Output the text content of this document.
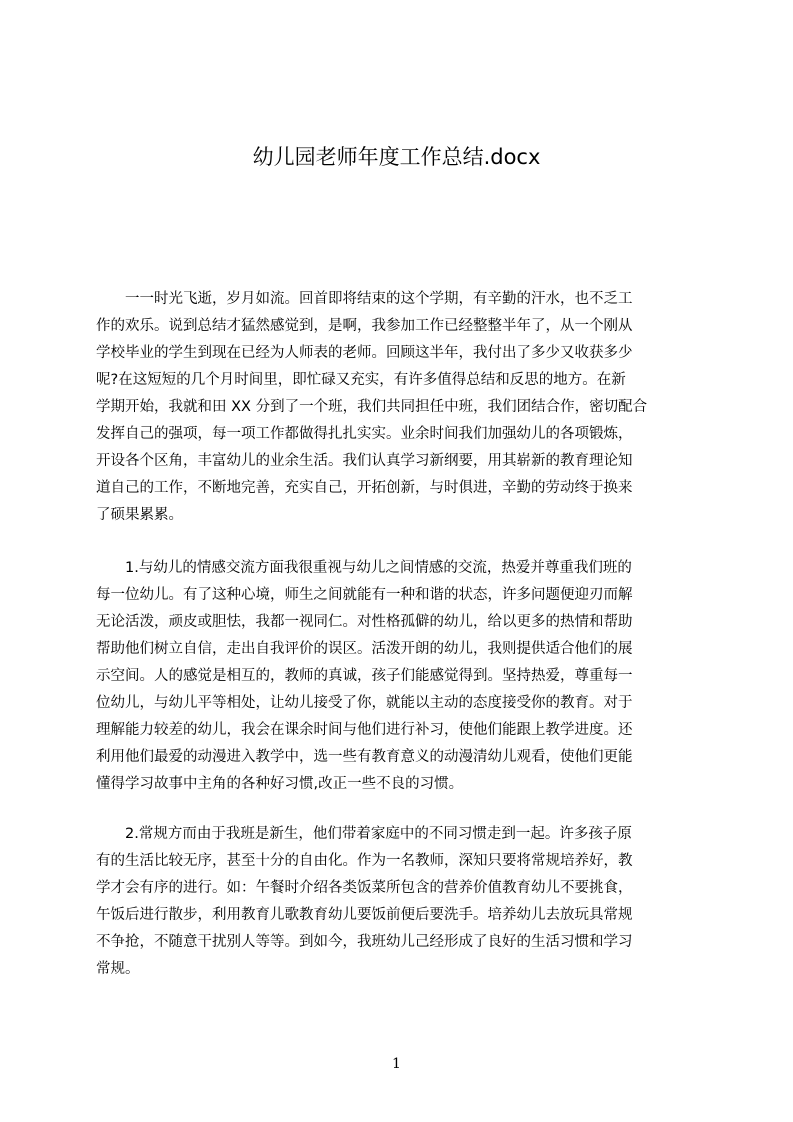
幼儿园老师年度工作总结.docx
　　一一时光飞逝，岁月如流。回首即将结束的这个学期，有辛勤的汗水，也不乏工
作的欢乐。说到总结才猛然感觉到，是啊，我参加工作已经整整半年了，从一个刚从
学校毕业的学生到现在已经为人师表的老师。回顾这半年，我付出了多少又收获多少
呢?在这短短的几个月时间里，即忙碌又充实，有许多值得总结和反思的地方。在新
学期开始，我就和田 XX 分到了一个班，我们共同担任中班，我们团结合作，密切配合
发挥自己的强项，每一项工作都做得扎扎实实。业余时间我们加强幼儿的各项锻炼，
开设各个区角，丰富幼儿的业余生活。我们认真学习新纲要，用其崭新的教育理论知
道自己的工作，不断地完善，充实自己，开拓创新，与时俱进，辛勤的劳动终于换来
了硕果累累。
　　1.与幼儿的情感交流方面我很重视与幼儿之间情感的交流，热爱并尊重我们班的
每一位幼儿。有了这种心境，师生之间就能有一种和谐的状态，许多问题便迎刃而解
无论活泼，顽皮或胆怯，我都一视同仁。对性格孤僻的幼儿，给以更多的热情和帮助
帮助他们树立自信，走出自我评价的误区。活泼开朗的幼儿，我则提供适合他们的展
示空间。人的感觉是相互的，教师的真诚，孩子们能感觉得到。坚持热爱，尊重每一
位幼儿，与幼儿平等相处，让幼儿接受了你，就能以主动的态度接受你的教育。对于
理解能力较差的幼儿，我会在课余时间与他们进行补习，使他们能跟上教学进度。还
利用他们最爱的动漫进入教学中，选一些有教育意义的动漫清幼儿观看，使他们更能
懂得学习故事中主角的各种好习惯,改正一些不良的习惯。
　　2.常规方而由于我班是新生，他们带着家庭中的不同习惯走到一起。许多孩子原
有的生活比较无序，甚至十分的自由化。作为一名教师，深知只要将常规培养好，教
学才会有序的进行。如：午餐时介绍各类饭菜所包含的营养价值教育幼儿不要挑食，
午饭后进行散步，利用教育儿歌教育幼儿要饭前便后要洗手。培养幼儿去放玩具常规
不争抢，不随意干扰别人等等。到如今，我班幼儿己经形成了良好的生活习惯和学习
常规。
1
